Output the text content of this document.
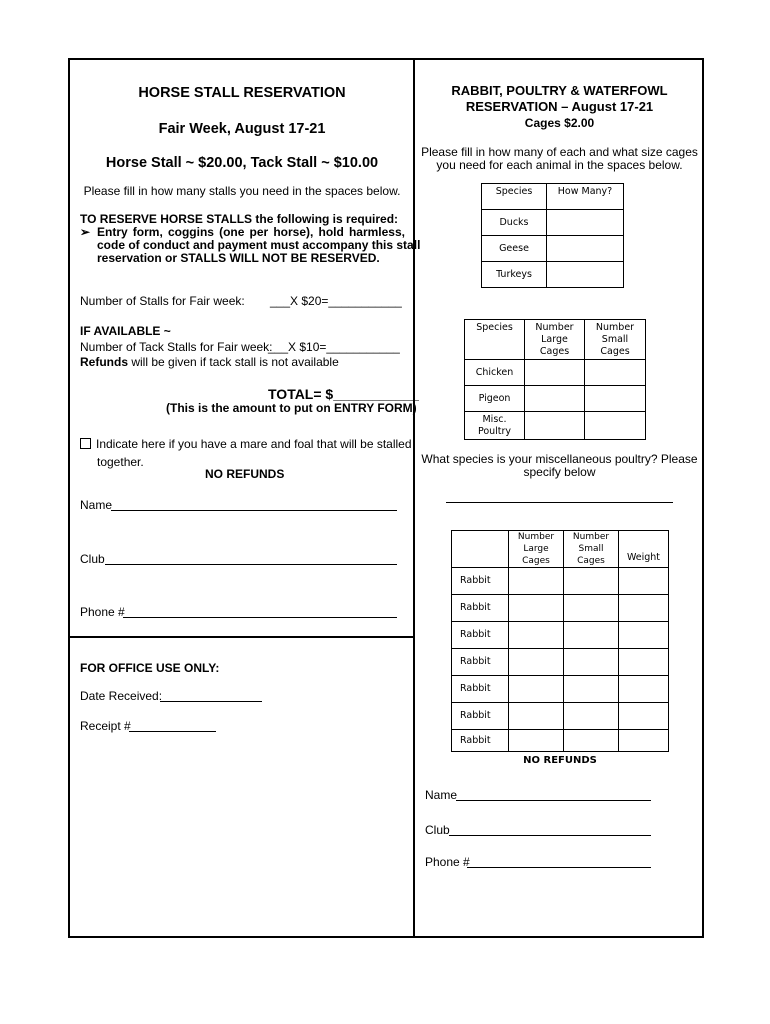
HORSE STALL RESERVATION
Fair Week, August 17-21
Horse Stall ~ $20.00, Tack Stall ~ $10.00
Please fill in how many stalls you need in the spaces below.
TO RESERVE HORSE STALLS the following is required:
➢ Entry form, coggins (one per horse), hold harmless,
code of conduct and payment must accompany this stall
reservation or STALLS WILL NOT BE RESERVED.
Number of Stalls for Fair week: ___X $20=___________
IF AVAILABLE ~
Number of Tack Stalls for Fair week:
___X $10=___________
Refunds will be given if tack stall is not available
TOTAL= $___________
(This is the amount to put on ENTRY FORM)
Indicate here if you have a mare and foal that will be stalled
together.
NO REFUNDS
Name
Club
Phone #
FOR OFFICE USE ONLY:
Date Received:
Receipt #
RABBIT, POULTRY & WATERFOWL
RESERVATION – August 17-21
Cages $2.00
Please fill in how many of each and what size cages
you need for each animal in the spaces below.
Species	How Many?
Ducks	
Geese	
Turkeys	
Species	Number Large Cages	Number Small Cages
Chicken		
Pigeon		
Misc. Poultry		
What species is your miscellaneous poultry? Please
specify below
	Number Large Cages	Number Small Cages	Weight
Rabbit			
Rabbit			
Rabbit			
Rabbit			
Rabbit			
Rabbit			
Rabbit			
NO REFUNDS
Name
Club
Phone #
